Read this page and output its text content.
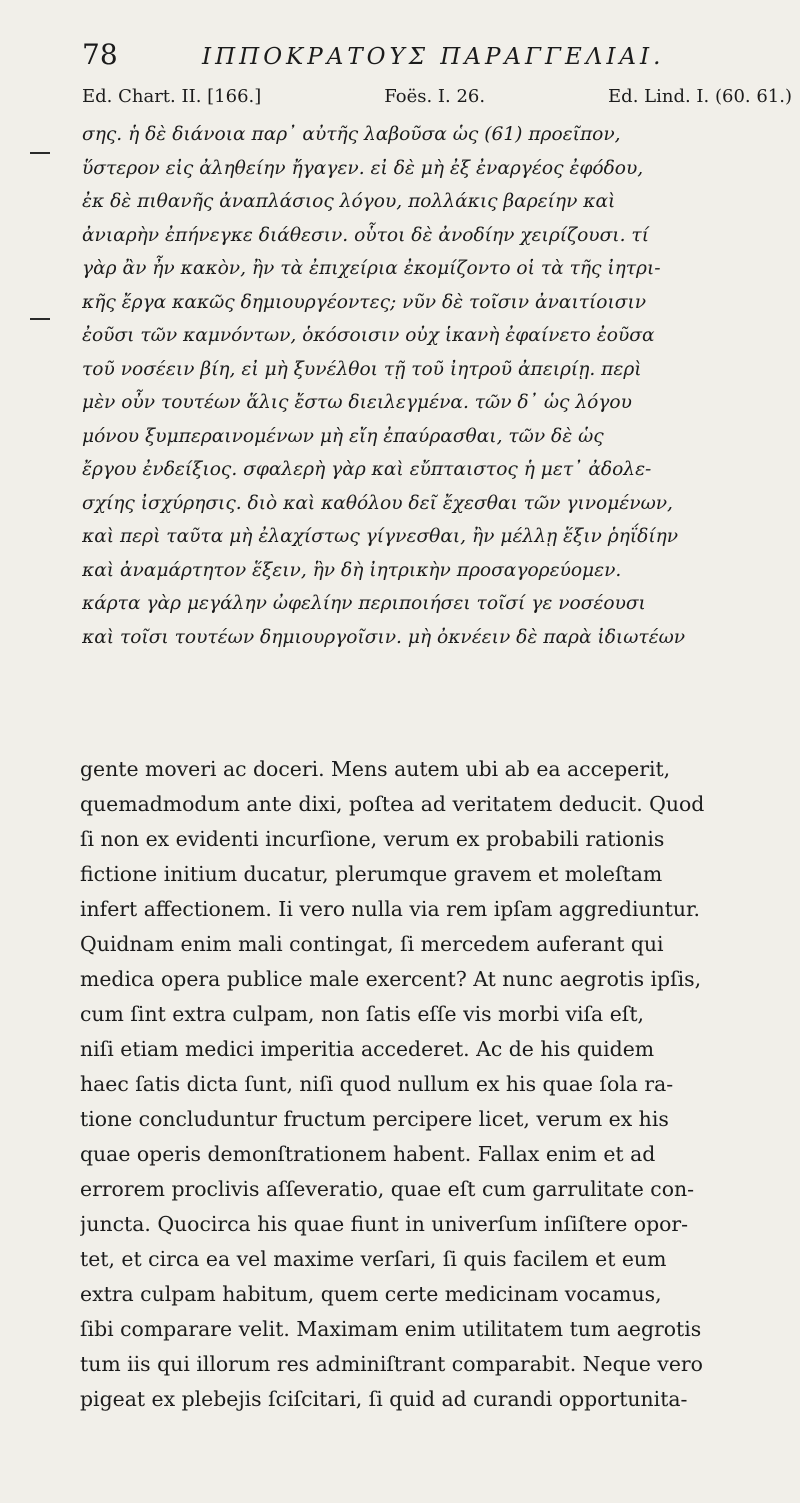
78	ΙΠΠΟΚΡΑΤΟΥΣ ΠΑΡΑΓΓΕΛΙΑΙ.
Ed. Chart. II. [166.]	Foës. I. 26.	Ed. Lind. I. (60. 61.)
σης. ἡ δὲ διάνοια παρ᾽ αὐτῆς λαβοῦσα ὡς (61) προεῖπον,
ὕστερον εἰς ἀληθείην ἤγαγεν. εἰ δὲ μὴ ἐξ ἐναργέος ἐφόδου,
ἐκ δὲ πιθανῆς ἀναπλάσιος λόγου, πολλάκις βαρείην καὶ
ἀνιαρὴν ἐπήνεγκε διάθεσιν. οὗτοι δὲ ἀνοδίην χειρίζουσι. τί
γὰρ ἂν ἦν κακὸν, ἢν τὰ ἐπιχείρια ἐκομίζοντο οἱ τὰ τῆς ἰητρι-
κῆς ἔργα κακῶς δημιουργέοντες; νῦν δὲ τοῖσιν ἀναιτίοισιν
ἐοῦσι τῶν καμνόντων, ὁκόσοισιν οὐχ ἱκανὴ ἐφαίνετο ἐοῦσα
τοῦ νοσέειν βίη, εἰ μὴ ξυνέλθοι τῇ τοῦ ἰητροῦ ἀπειρίῃ. περὶ
μὲν οὖν τουτέων ἅλις ἔστω διειλεγμένα. τῶν δ᾽ ὡς λόγου
μόνου ξυμπεραινομένων μὴ εἴη ἐπαύρασθαι, τῶν δὲ ὡς
ἔργου ἐνδείξιος. σφαλερὴ γὰρ καὶ εὔπταιστος ἡ μετ᾽ ἀδολε-
σχίης ἰσχύρησις. διὸ καὶ καθόλου δεῖ ἔχεσθαι τῶν γινομένων,
καὶ περὶ ταῦτα μὴ ἐλαχίστως γίγνεσθαι, ἢν μέλλῃ ἕξιν ῥηΐδίην
καὶ ἀναμάρτητον ἕξειν, ἣν δὴ ἰητρικὴν προσαγορεύομεν.
κάρτα γὰρ μεγάλην ὠφελίην περιποιήσει τοῖσί γε νοσέουσι
καὶ τοῖσι τουτέων δημιουργοῖσιν. μὴ ὀκνέειν δὲ παρὰ ἰδιωτέων
gente moveri ac doceri. Mens autem ubi ab ea acceperit,
quemadmodum ante dixi, poſtea ad veritatem deducit. Quod
ſi non ex evidenti incurſione, verum ex probabili rationis
fictione initium ducatur, plerumque gravem et moleſtam
infert affectionem. Ii vero nulla via rem ipſam aggrediuntur.
Quidnam enim mali contingat, ſi mercedem auferant qui
medica opera publice male exercent? At nunc aegrotis ipſis,
cum ſint extra culpam, non ſatis eſſe vis morbi viſa eſt,
niſi etiam medici imperitia accederet. Ac de his quidem
haec ſatis dicta ſunt, niſi quod nullum ex his quae ſola ra-
tione concluduntur fructum percipere licet, verum ex his
quae operis demonſtrationem habent. Fallax enim et ad
errorem proclivis aſſeveratio, quae eſt cum garrulitate con-
juncta. Quocirca his quae fiunt in univerſum inſiſtere opor-
tet, et circa ea vel maxime verſari, ſi quis facilem et eum
extra culpam habitum, quem certe medicinam vocamus,
ſibi comparare velit. Maximam enim utilitatem tum aegrotis
tum iis qui illorum res adminiſtrant comparabit. Neque vero
pigeat ex plebejis ſciſcitari, ſi quid ad curandi opportunita-
